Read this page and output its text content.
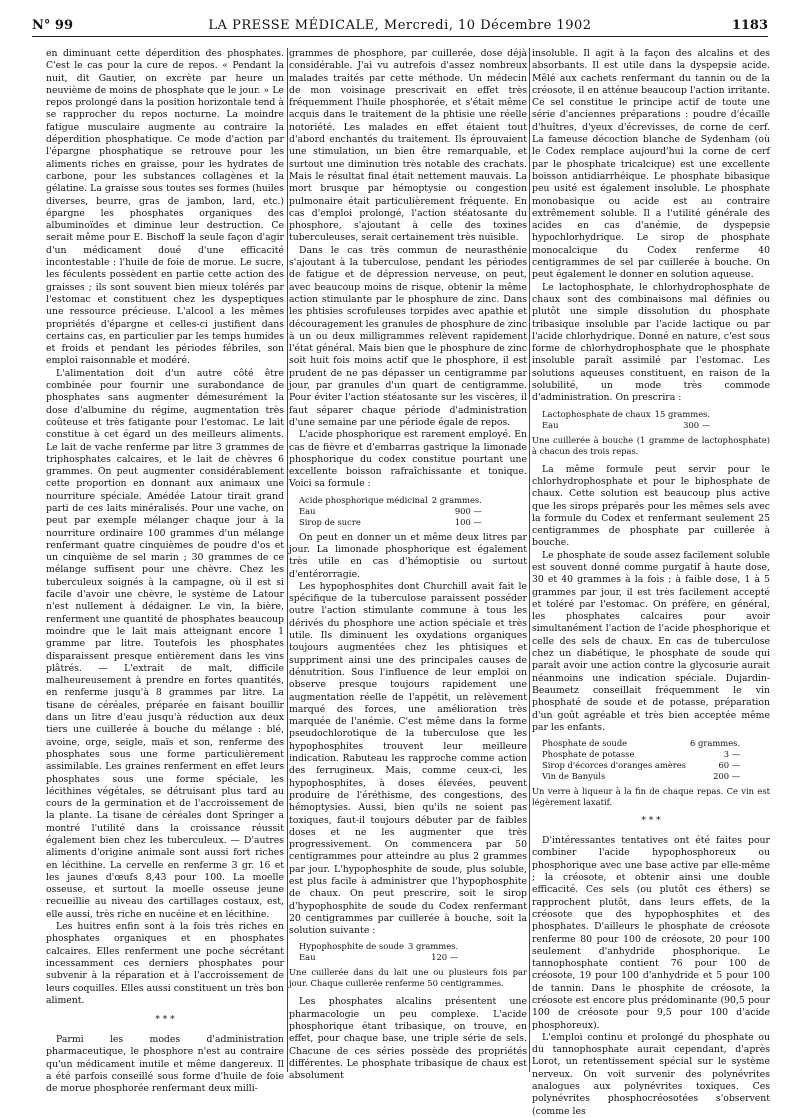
LA PRESSE MÉDICALE, Mercredi, 10 Décembre 1902
N° 99	1183

en diminuant cette déperdition des phosphates. C'est le cas pour la cure de repos. « Pendant la nuit, dit Gautier, on excrète par heure un neuvième de moins de phosphate que le jour. » Le repos prolongé dans la position horizontale tend à se rapprocher du repos nocturne. La moindre fatigue musculaire augmente au contraire la déperdition phosphatique. Ce mode d'action par l'épargne phosphatique se retrouve pour les aliments riches en graisse, pour les hydrates de carbone, pour les substances collagènes et la gélatine. La graisse sous toutes ses formes (huiles diverses, beurre, gras de jambon, lard, etc.) épargne les phosphates organiques des albuminoïdes et diminue leur destruction. Ce serait même pour E. Bischoff la seule façon d'agir d'un médicament doué d'une efficacité incontestable : l'huile de foie de morue. Le sucre, les féculents possèdent en partie cette action des graisses ; ils sont souvent bien mieux tolérés par l'estomac et constituent chez les dyspeptiques une ressource précieuse. L'alcool a les mêmes propriétés d'épargne et celles-ci justifient dans certains cas, en particulier par les temps humides et froids et pendant les périodes fébriles, son emploi raisonnable et modéré.

L'alimentation doit d'un autre côté être combinée pour fournir une surabondance de phosphates sans augmenter démesurément la dose d'albumine du régime, augmentation très coûteuse et très fatigante pour l'estomac. Le lait constitue à cet égard un des meilleurs aliments. Le lait de vache renferme par litre 3 grammes de triphosphates calcaires, et le lait de chèvres 6 grammes. On peut augmenter considérablement cette proportion en donnant aux animaux une nourriture spéciale. Amédée Latour tirait grand parti de ces laits minéralisés. Pour une vache, on peut par exemple mélanger chaque jour à la nourriture ordinaire 100 grammes d'un mélange renfermant quatre cinquièmes de poudre d'os et un cinquième de sel marin ; 30 grammes de ce mélange suffisent pour une chèvre. Chez les tuberculeux soignés à la campagne, où il est si facile d'avoir une chèvre, le système de Latour n'est nullement à dédaigner. Le vin, la bière, renferment une quantité de phosphates beaucoup moindre que le lait mais atteignant encore 1 gramme par litre. Toutefois les phosphates disparaissent presque entièrement dans les vins plâtrés. — L'extrait de malt, difficile malheureusement à prendre en fortes quantités, en renferme jusqu'à 8 grammes par litre. La tisane de céréales, préparée en faisant bouillir dans un litre d'eau jusqu'à réduction aux deux tiers une cuillerée à bouche du mélange : blé, avoine, orge, seigle, maïs et son, renferme des phosphates sous une forme particulièrement assimilable. Les graines renferment en effet leurs phosphates sous une forme spéciale, les lécithines végétales, se détruisant plus tard au cours de la germination et de l'accroissement de la plante. La tisane de céréales dont Springer a montré l'utilité dans la croissance réussit également bien chez les tuberculeux. — D'autres aliments d'origine animale sont aussi fort riches en lécithine. La cervelle en renferme 3 gr. 16 et les jaunes d'œufs 8,43 pour 100. La moelle osseuse, et surtout la moelle osseuse jeune recueillie au niveau des cartillages costaux, est, elle aussi, très riche en nucéine et en lécithine.

Les huitres enfin sont à la fois très riches en phosphates organiques et en phosphates calcaires. Elles renferment une poche sécrétant incessamment ces derniers phosphates pour subvenir à la réparation et à l'accroissement de leurs coquilles. Elles aussi constituent un très bon aliment.

* * *

Parmi les modes d'administration pharmaceutique, le phosphore n'est au contraire qu'un médicament inutile et même dangereux. Il a été parfois conseillé sous forme d'huile de foie de morue phosphorée renfermant deux milli-

grammes de phosphore, par cuillerée, dose déjà considérable. J'ai vu autrefois d'assez nombreux malades traités par cette méthode. Un médecin de mon voisinage prescrivait en effet très fréquemment l'huile phosphorée, et s'était même acquis dans le traitement de la phtisie une réelle notoriété. Les malades en effet étaient tout d'abord enchantés du traitement. Ils éprouvaient une stimulation, un bien être remarquable, et surtout une diminution très notable des crachats. Mais le résultat final était nettement mauvais. La mort brusque par hémoptysie ou congestion pulmonaire était particulièrement fréquente. En cas d'emploi prolongé, l'action stéatosante du phosphore, s'ajoutant à celle des toxines tuberculeuses, serait certainement très nuisible.

Dans le cas très commun de neurasthénie s'ajoutant à la tuberculose, pendant les périodes de fatigue et de dépression nerveuse, on peut, avec beaucoup moins de risque, obtenir la même action stimulante par le phosphure de zinc. Dans les phtisies scrofuleuses torpides avec apathie et découragement les granules de phosphure de zinc à un ou deux milligrammes relèvent rapidement l'état général. Mais bien que le phosphure de zinc soit huit fois moins actif que le phosphore, il est prudent de ne pas dépasser un centigramme par jour, par granules d'un quart de centigramme. Pour éviter l'action stéatosante sur les viscères, il faut séparer chaque période d'administration d'une semaine par une période égale de repos.

L'acide phosphorique est rarement employé. En cas de fièvre et d'embarras gastrique la limonade phosphorique du codex constitue pourtant une excellente boisson rafraîchissante et tonique. Voici sa formule :

Acide phosphorique médicinal	2 grammes.
Eau	900 —
Sirop de sucre	100 —

On peut en donner un et même deux litres par jour. La limonade phosphorique est également très utile en cas d'hémoptisie ou surtout d'entérorragie.

Les hypophosphites dont Churchill avait fait le spécifique de la tuberculose paraissent posséder outre l'action stimulante commune à tous les dérivés du phosphore une action spéciale et très utile. Ils diminuent les oxydations organiques toujours augmentées chez les phtisiques et suppriment ainsi une des principales causes de dénutrition. Sous l'influence de leur emploi on observe presque toujours rapidement une augmentation réelle de l'appétit, un relèvement marqué des forces, une amélioration très marquée de l'anémie. C'est même dans la forme pseudochlorotique de la tuberculose que les hypophosphites trouvent leur meilleure indication. Rabuteau les rapproche comme action des ferrugineux. Mais, comme ceux-ci, les hypophosphites, à doses élevées, peuvent produire de l'éréthisme, des congestions, des hémoptysies. Aussi, bien qu'ils ne soient pas toxiques, faut-il toujours débuter par de faibles doses et ne les augmenter que très progressivement. On commencera par 50 centigrammes pour atteindre au plus 2 grammes par jour. L'hypophosphite de soude, plus soluble, est plus facile à administrer que l'hypophosphite de chaux. On peut prescrire, soit le sirop d'hypophosphite de soude du Codex renfermant 20 centigrammes par cuillerée à bouche, soit la solution suivante :

Hypophosphite de soude	3 grammes.
Eau	120 —

Une cuillerée dans du lait une ou plusieurs fois par jour. Chaque cuillerée renferme 50 centigrammes.

Les phosphates alcalins présentent une pharmacologie un peu complexe. L'acide phosphorique étant tribasique, on trouve, en effet, pour chaque base, une triple série de sels. Chacune de ces séries possède des propriétés différentes. Le phosphate tribasique de chaux est absolument

insoluble. Il agit à la façon des alcalins et des absorbants. Il est utile dans la dyspepsie acide. Mêlé aux cachets renfermant du tannin ou de la créosote, il en atténue beaucoup l'action irritante. Ce sel constitue le principe actif de toute une série d'anciennes préparations : poudre d'écaille d'huîtres, d'yeux d'écrevisses, de corne de cerf. La fameuse décoction blanche de Sydenham (où le Codex remplace aujourd'hui la corne de cerf par le phosphate tricalcique) est une excellente boisson antidiarrhéique. Le phosphate bibasique peu usité est également insoluble. Le phosphate monobasique ou acide est au contraire extrêmement soluble. Il a l'utilité générale des acides en cas d'anémie, de dyspepsie hypochlorhydrique. Le sirop de phosphate monocalcique du Codex renferme 40 centigrammes de sel par cuillerée à bouche. On peut également le donner en solution aqueuse.

Le lactophosphate, le chlorhydrophosphate de chaux sont des combinaisons mal définies ou plutôt une simple dissolution du phosphate tribasique insoluble par l'acide lactique ou par l'acide chlorhydrique. Donné en nature, c'est sous forme de chlorhydrophosphate que le phosphate insoluble paraît assimilé par l'estomac. Les solutions aqueuses constituent, en raison de la solubilité, un mode très commode d'administration. On prescrira :

Lactophosphate de chaux	15 grammes.
Eau	300 —

Une cuillerée à bouche (1 gramme de lactophosphate) à chacun des trois repas.

La même formule peut servir pour le chlorhydrophosphate et pour le biphosphate de chaux. Cette solution est beaucoup plus active que les sirops préparés pour les mêmes sels avec la formule du Codex et renfermant seulement 25 centigrammes de phosphate par cuillerée à bouche.

Le phosphate de soude assez facilement soluble est souvent donné comme purgatif à haute dose, 30 et 40 grammes à la fois ; à faible dose, 1 à 5 grammes par jour, il est très facilement accepté et toléré par l'estomac. On préfère, en général, les phosphates calcaires pour avoir simultanément l'action de l'acide phosphorique et celle des sels de chaux. En cas de tuberculose chez un diabétique, le phosphate de soude qui paraît avoir une action contre la glycosurie aurait néanmoins une indication spéciale. Dujardin-Beaumetz conseillait fréquemment le vin phosphaté de soude et de potasse, préparation d'un goût agréable et très bien acceptée même par les enfants.

Phosphate de soude	6 grammes.
Phosphate de potasse	3 —
Sirop d'écorces d'oranges amères	60 —
Vin de Banyuls	200 —

Un verre à liqueur à la fin de chaque repas. Ce vin est légèrement laxatif.

* * *

D'intéressantes tentatives ont été faites pour combiner l'acide hypophosphoreux ou phosphorique avec une base active par elle-même ; la créosote, et obtenir ainsi une double efficacité. Ces sels (ou plutôt ces éthers) se rapprochent plutôt, dans leurs effets, de la créosote que des hypophosphites et des phosphates. D'ailleurs le phosphate de créosote renferme 80 pour 100 de créosote, 20 pour 100 seulement d'anhydride phosphorique. Le tannophosphate contient 76 pour 100 de créosote, 19 pour 100 d'anhydride et 5 pour 100 de tannin. Dans le phosphite de créosote, la créosote est encore plus prédominante (90,5 pour 100 de créosote pour 9,5 pour 100 d'acide phosphoreux).

L'emploi continu et prolongé du phosphate ou du tannophosphate aurait cependant, d'après Lorot, un retentissement spécial sur le système nerveux. On voit survenir des polynévrites analogues aux polynévrites toxiques. Ces polynévrites phosphocréosotées s'observent (comme les
